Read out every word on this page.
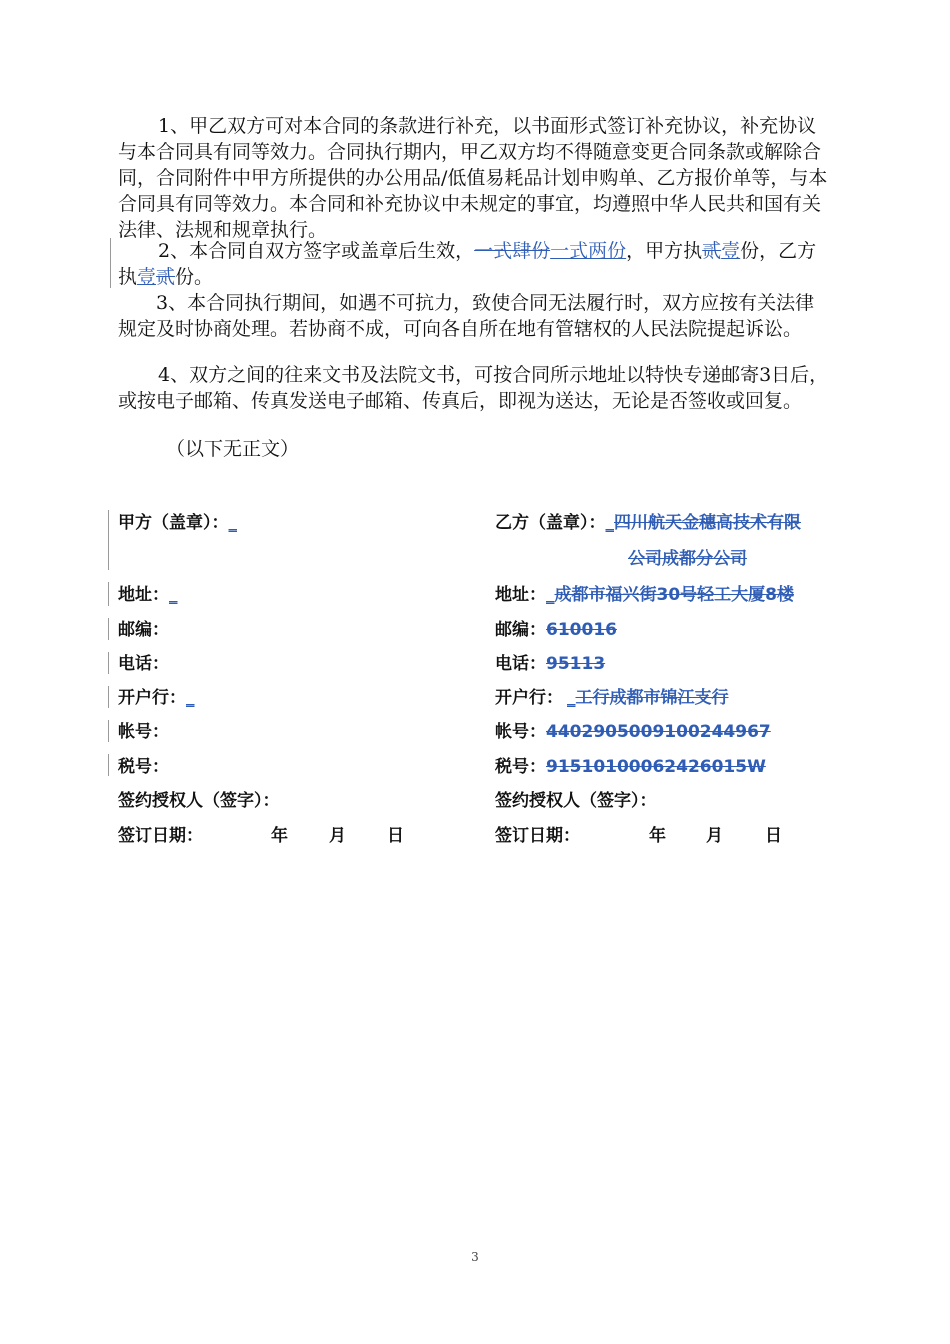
1、甲乙双方可对本合同的条款进行补充，以书面形式签订补充协议，补充协议与本合同具有同等效力。合同执行期内，甲乙双方均不得随意变更合同条款或解除合同，合同附件中甲方所提供的办公用品/低值易耗品计划申购单、乙方报价单等，与本合同具有同等效力。本合同和补充协议中未规定的事宜，均遵照中华人民共和国有关法律、法规和规章执行。

2、本合同自双方签字或盖章后生效，一式肆份一式两份，甲方执贰壹份，乙方执壹贰份。

3、本合同执行期间，如遇不可抗力，致使合同无法履行时，双方应按有关法律规定及时协商处理。若协商不成，可向各自所在地有管辖权的人民法院提起诉讼。

4、双方之间的往来文书及法院文书，可按合同所示地址以特快专递邮寄3日后，或按电子邮箱、传真发送电子邮箱、传真后，即视为送达，无论是否签收或回复。

（以下无正文）

甲方（盖章）：_
地址：_
邮编：
电话：
开户行：_
帐号：
税号：
签约授权人（签字）：
签订日期：	年 月 日
乙方（盖章）：_四川航天金穗高技术有限
公司成都分公司
地址：_成都市福兴街30号轻工大厦8楼
邮编：610016
电话：95113
开户行： _工行成都市锦江支行
帐号：4402905009100244967
税号：91510100062426015W
签约授权人（签字）：
签订日期：	年 月 日
3
